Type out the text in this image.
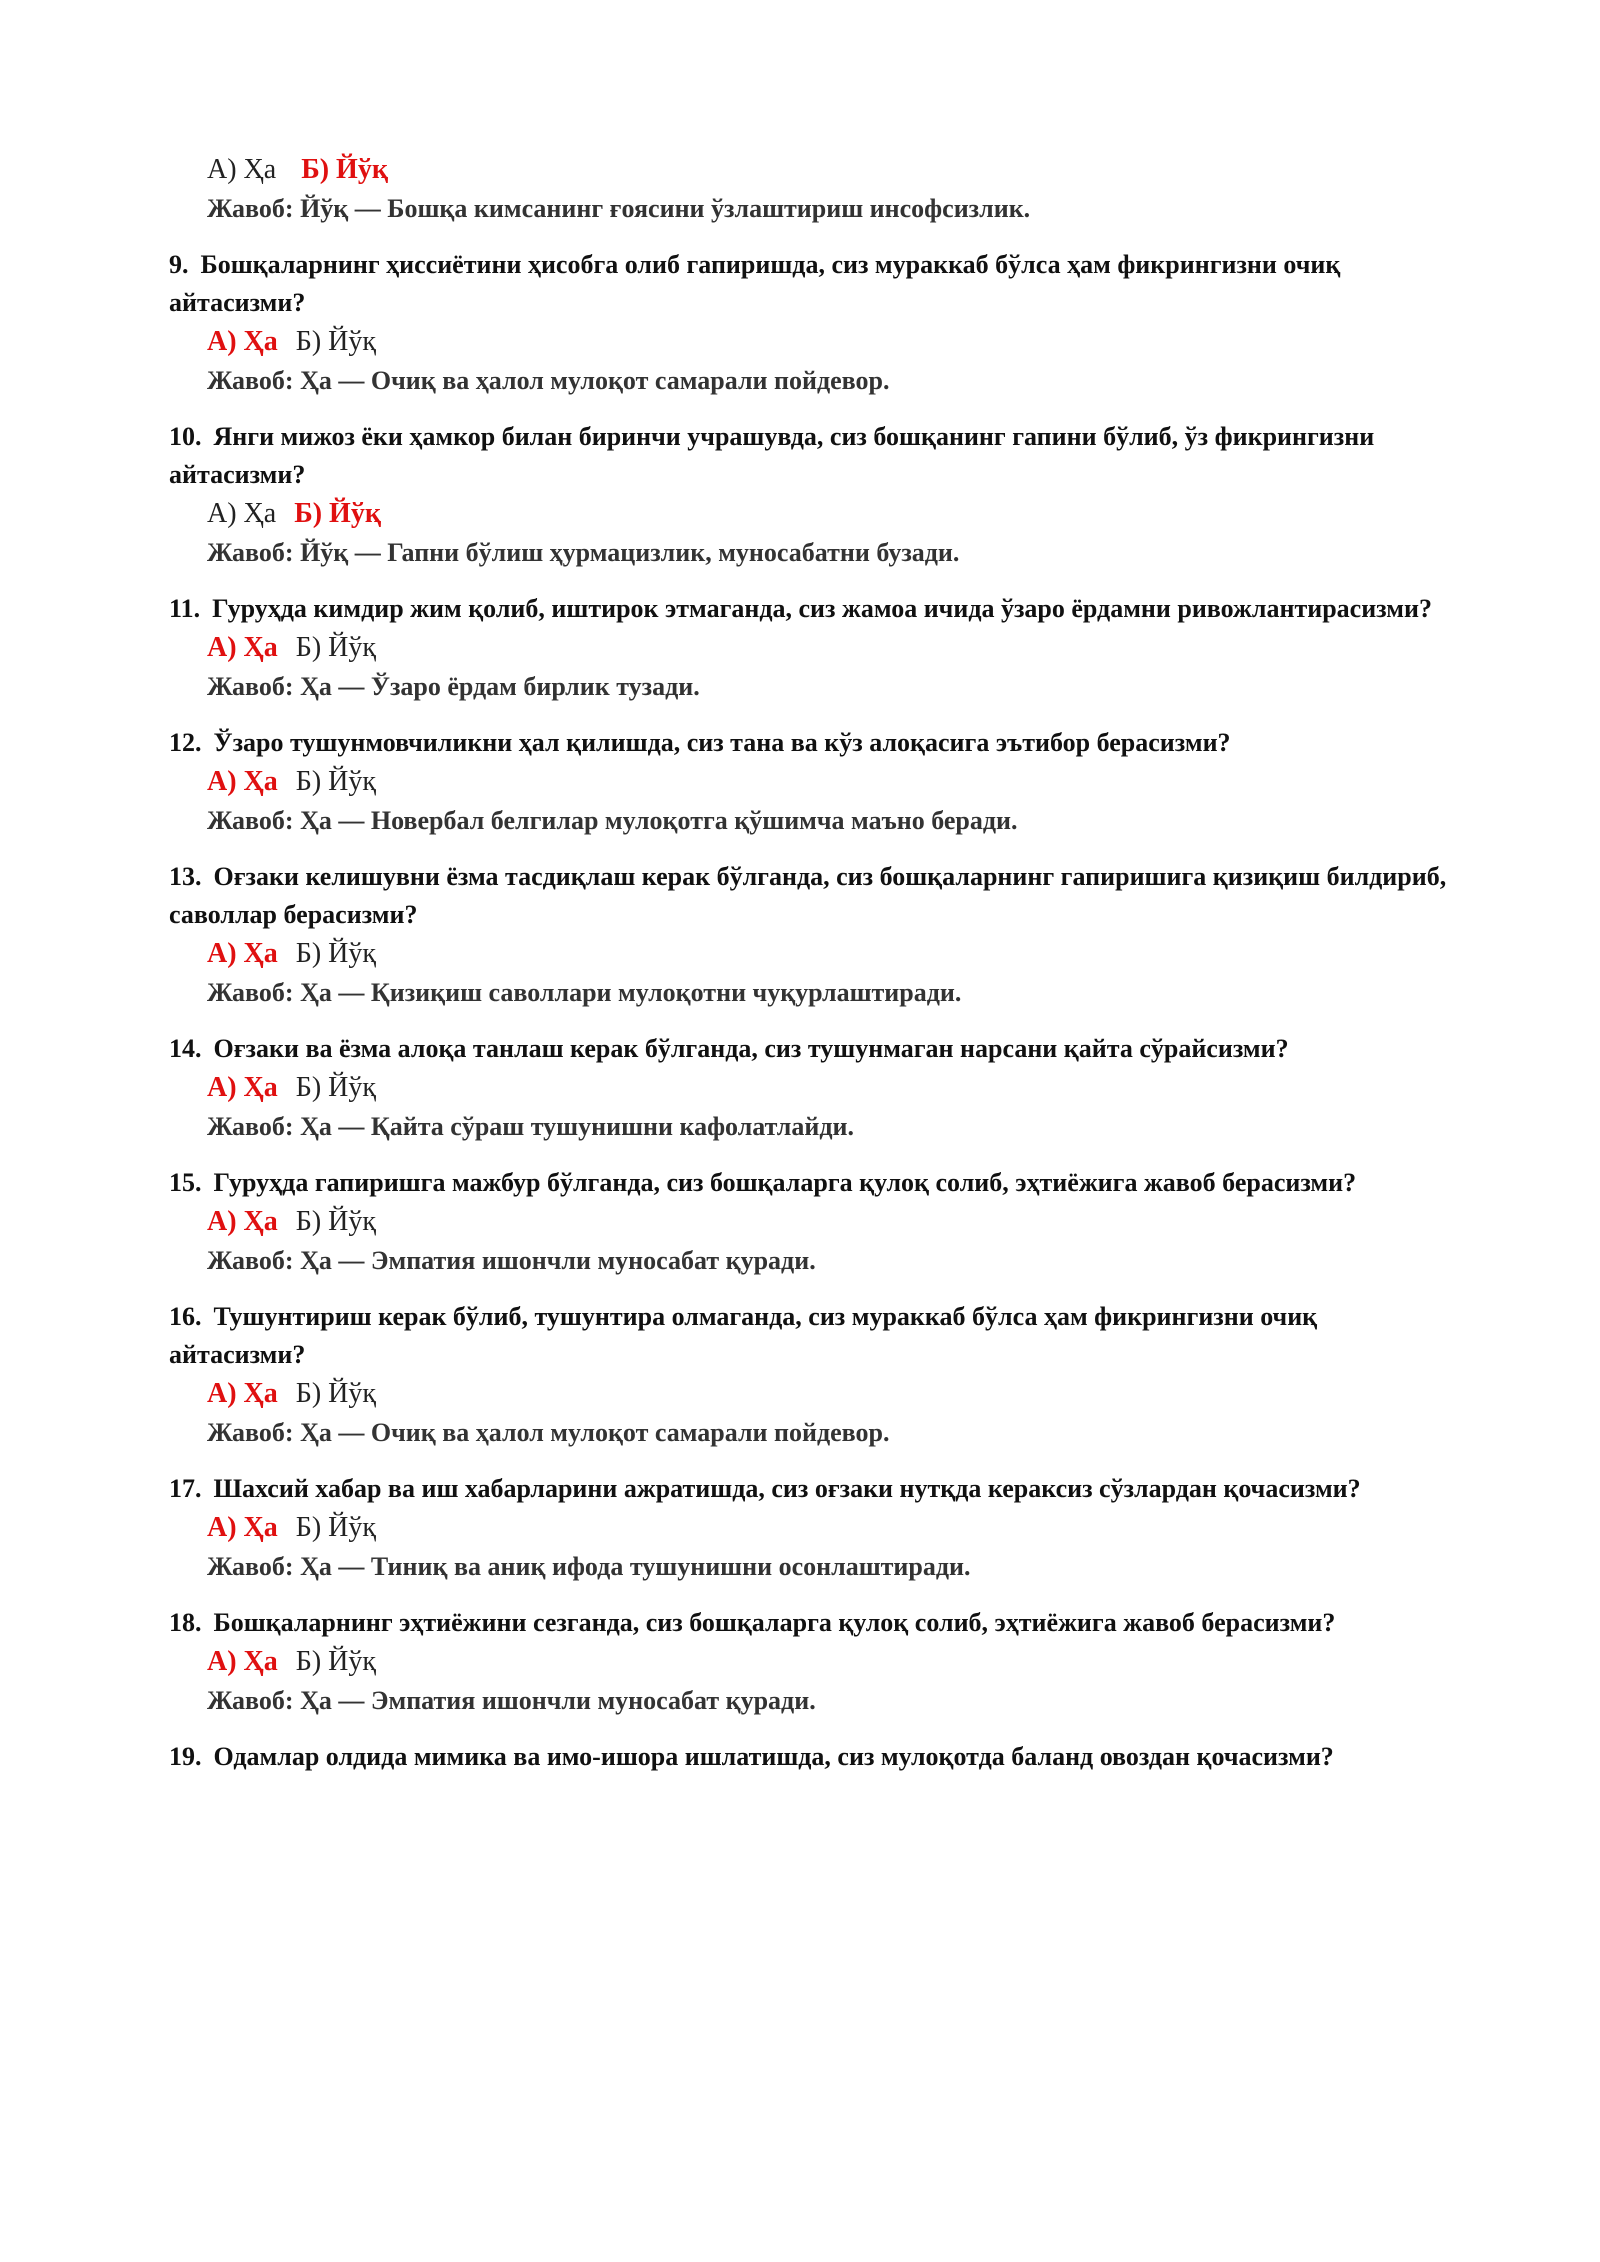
А) Ҳа Б) Йўқ
Жавоб: Йўқ — Бошқа кимсанинг ғоясини ўзлаштириш инсофсизлик.
9. Бошқаларнинг ҳиссиётини ҳисобга олиб гапиришда, сиз мураккаб бўлса ҳам фикрингизни очиқ айтасизми?
А) Ҳа Б) Йўқ
Жавоб: Ҳа — Очиқ ва ҳалол мулоқот самарали пойдевор.
10. Янги мижоз ёки ҳамкор билан биринчи учрашувда, сиз бошқанинг гапини бўлиб, ўз фикрингизни айтасизми?
А) Ҳа Б) Йўқ
Жавоб: Йўқ — Гапни бўлиш ҳурмацизлик, муносабатни бузади.
11. Гуруҳда кимдир жим қолиб, иштирок этмаганда, сиз жамоа ичида ўзаро ёрдамни ривожлантирасизми?
А) Ҳа Б) Йўқ
Жавоб: Ҳа — Ўзаро ёрдам бирлик тузади.
12. Ўзаро тушунмовчиликни ҳал қилишда, сиз тана ва кўз алоқасига эътибор берасизми?
А) Ҳа Б) Йўқ
Жавоб: Ҳа — Новербал белгилар мулоқотга қўшимча маъно беради.
13. Оғзаки келишувни ёзма тасдиқлаш керак бўлганда, сиз бошқаларнинг гапиришига қизиқиш билдириб, саволлар берасизми?
А) Ҳа Б) Йўқ
Жавоб: Ҳа — Қизиқиш саволлари мулоқотни чуқурлаштиради.
14. Оғзаки ва ёзма алоқа танлаш керак бўлганда, сиз тушунмаган нарсани қайта сўрайсизми?
А) Ҳа Б) Йўқ
Жавоб: Ҳа — Қайта сўраш тушунишни кафолатлайди.
15. Гуруҳда гапиришга мажбур бўлганда, сиз бошқаларга қулоқ солиб, эҳтиёжига жавоб берасизми?
А) Ҳа Б) Йўқ
Жавоб: Ҳа — Эмпатия ишончли муносабат қуради.
16. Тушунтириш керак бўлиб, тушунтира олмаганда, сиз мураккаб бўлса ҳам фикрингизни очиқ айтасизми?
А) Ҳа Б) Йўқ
Жавоб: Ҳа — Очиқ ва ҳалол мулоқот самарали пойдевор.
17. Шахсий хабар ва иш хабарларини ажратишда, сиз оғзаки нутқда кераксиз сўзлардан қочасизми?
А) Ҳа Б) Йўқ
Жавоб: Ҳа — Тиниқ ва аниқ ифода тушунишни осонлаштиради.
18. Бошқаларнинг эҳтиёжини сезганда, сиз бошқаларга қулоқ солиб, эҳтиёжига жавоб берасизми?
А) Ҳа Б) Йўқ
Жавоб: Ҳа — Эмпатия ишончли муносабат қуради.
19. Одамлар олдида мимика ва имо-ишора ишлатишда, сиз мулоқотда баланд овоздан қочасизми?
